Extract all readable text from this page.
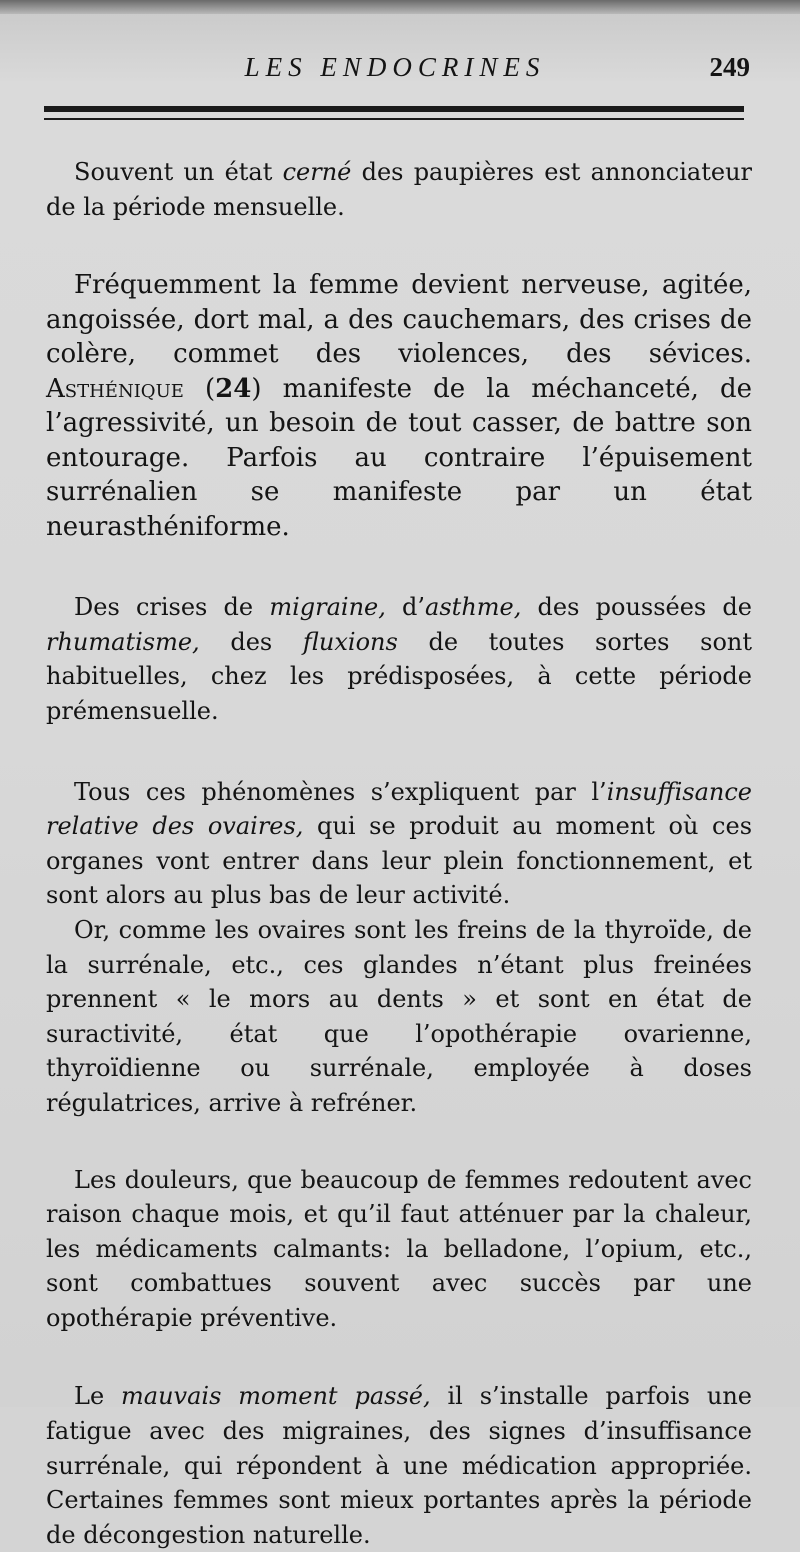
LES ENDOCRINES	249

Souvent un état cerné des paupières est annonciateur de la période mensuelle.

Fréquemment la femme devient nerveuse, agitée, angoissée, dort mal, a des cauchemars, des crises de colère, commet des violences, des sévices. Asthénique (24) manifeste de la méchanceté, de l’agressivité, un besoin de tout casser, de battre son entourage. Parfois au contraire l’épuisement surrénalien se manifeste par un état neurasthéniforme.

Des crises de migraine, d’asthme, des poussées de rhumatisme, des fluxions de toutes sortes sont habituelles, chez les prédisposées, à cette période prémensuelle.

Tous ces phénomènes s’expliquent par l’insuffisance relative des ovaires, qui se produit au moment où ces organes vont entrer dans leur plein fonctionnement, et sont alors au plus bas de leur activité.

Or, comme les ovaires sont les freins de la thyroïde, de la surrénale, etc., ces glandes n’étant plus freinées prennent « le mors au dents » et sont en état de suractivité, état que l’opothérapie ovarienne, thyroïdienne ou surrénale, employée à doses régulatrices, arrive à refréner.

Les douleurs, que beaucoup de femmes redoutent avec raison chaque mois, et qu’il faut atténuer par la chaleur, les médicaments calmants: la belladone, l’opium, etc., sont combattues souvent avec succès par une opothérapie préventive.

Le mauvais moment passé, il s’installe parfois une fatigue avec des migraines, des signes d’insuffisance surrénale, qui répondent à une médication appropriée. Certaines femmes sont mieux portantes après la période de décongestion naturelle.
